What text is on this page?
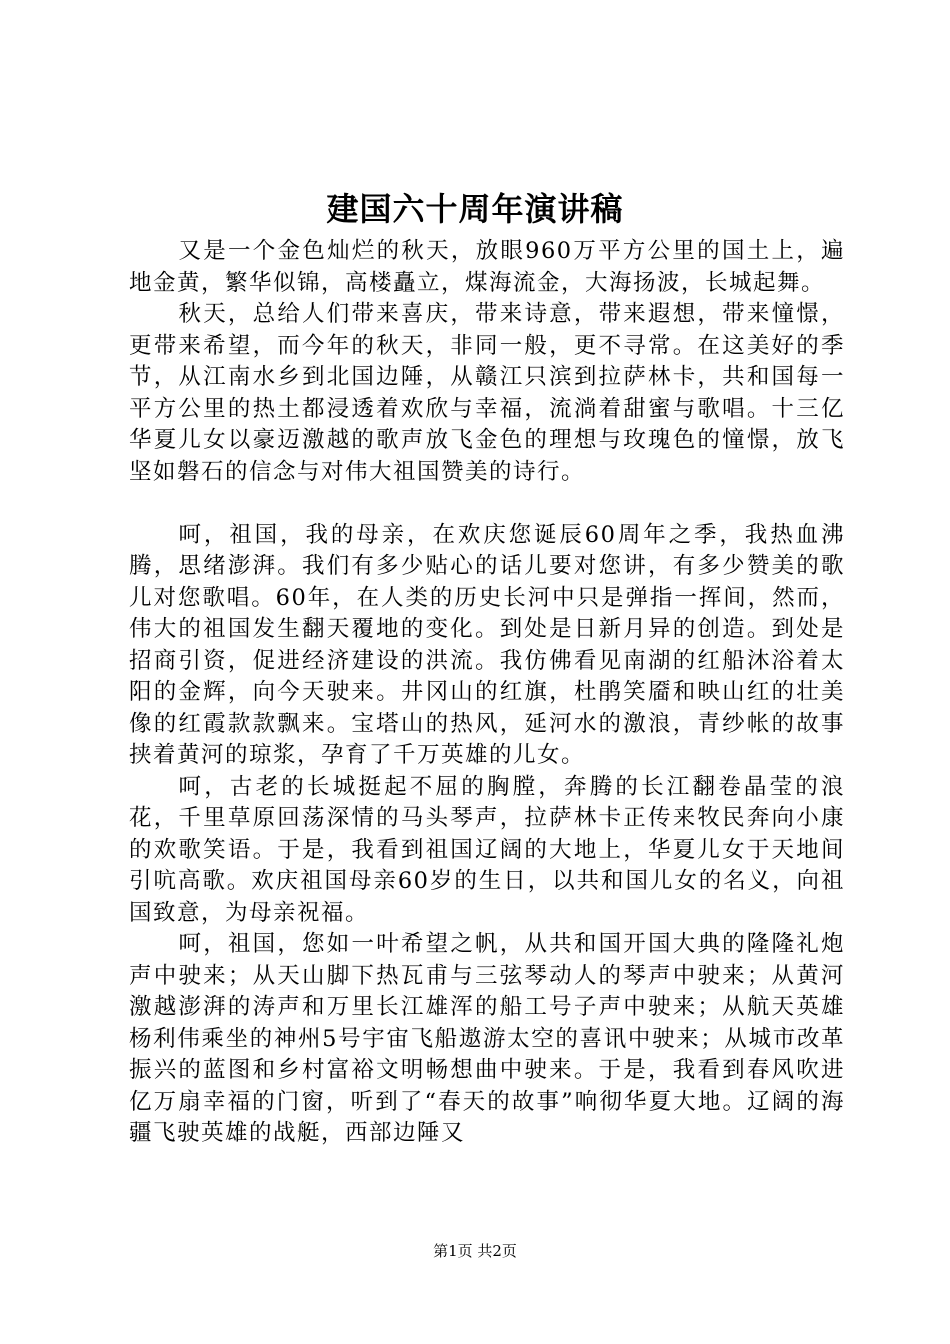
建国六十周年演讲稿

又是一个金色灿烂的秋天，放眼960万平方公里的国土上，遍地金黄，繁华似锦，高楼矗立，煤海流金，大海扬波，长城起舞。

秋天，总给人们带来喜庆，带来诗意，带来遐想，带来憧憬，更带来希望，而今年的秋天，非同一般，更不寻常。在这美好的季节，从江南水乡到北国边陲，从赣江只滨到拉萨林卡，共和国每一平方公里的热土都浸透着欢欣与幸福，流淌着甜蜜与歌唱。十三亿华夏儿女以豪迈激越的歌声放飞金色的理想与玫瑰色的憧憬，放飞坚如磐石的信念与对伟大祖国赞美的诗行。

呵，祖国，我的母亲，在欢庆您诞辰60周年之季，我热血沸腾，思绪澎湃。我们有多少贴心的话儿要对您讲，有多少赞美的歌儿对您歌唱。60年，在人类的历史长河中只是弹指一挥间，然而，伟大的祖国发生翻天覆地的变化。到处是日新月异的创造。到处是招商引资，促进经济建设的洪流。我仿佛看见南湖的红船沐浴着太阳的金辉，向今天驶来。井冈山的红旗，杜鹃笑靥和映山红的壮美像的红霞款款飘来。宝塔山的热风，延河水的激浪，青纱帐的故事挟着黄河的琼浆，孕育了千万英雄的儿女。

呵，古老的长城挺起不屈的胸膛，奔腾的长江翻卷晶莹的浪花，千里草原回荡深情的马头琴声，拉萨林卡正传来牧民奔向小康的欢歌笑语。于是，我看到祖国辽阔的大地上，华夏儿女于天地间引吭高歌。欢庆祖国母亲60岁的生日，以共和国儿女的名义，向祖国致意，为母亲祝福。

呵，祖国，您如一叶希望之帆，从共和国开国大典的隆隆礼炮声中驶来；从天山脚下热瓦甫与三弦琴动人的琴声中驶来；从黄河激越澎湃的涛声和万里长江雄浑的船工号子声中驶来；从航天英雄杨利伟乘坐的神州5号宇宙飞船遨游太空的喜讯中驶来；从城市改革振兴的蓝图和乡村富裕文明畅想曲中驶来。于是，我看到春风吹进亿万扇幸福的门窗，听到了“春天的故事”响彻华夏大地。辽阔的海疆飞驶英雄的战艇，西部边陲又

第1页 共2页
